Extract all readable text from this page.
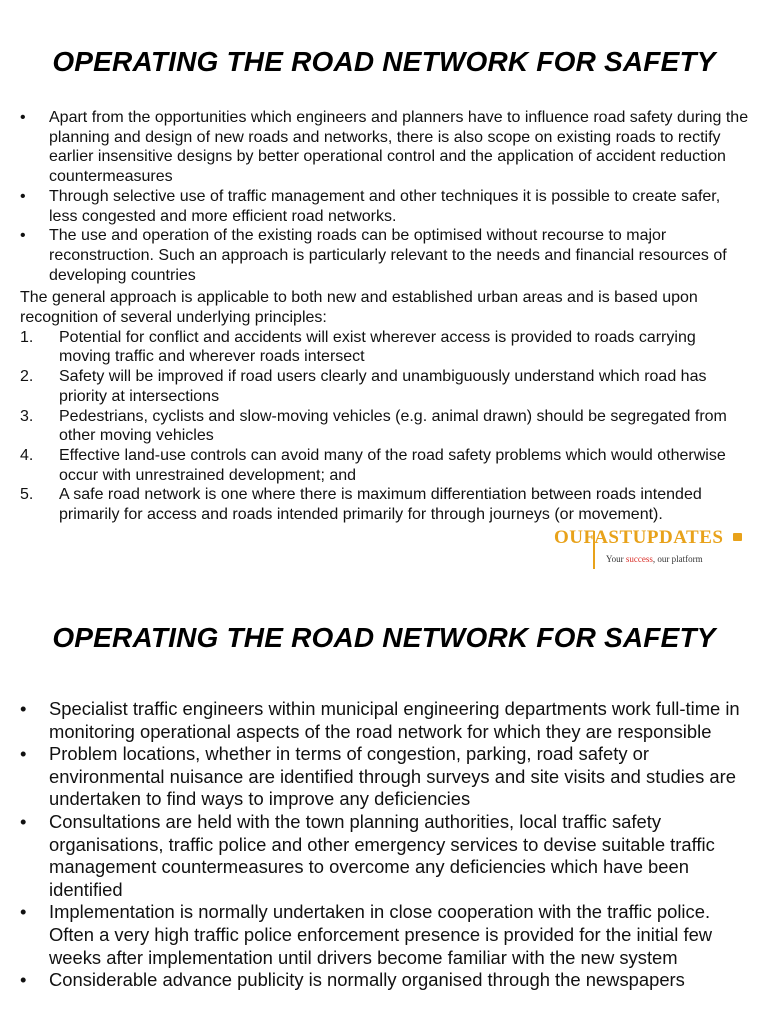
OPERATING THE ROAD NETWORK FOR SAFETY
• Apart from the opportunities which engineers and planners have to influence road safety during the planning and design of new roads and networks, there is also scope on existing roads to rectify earlier insensitive designs by better operational control and the application of accident reduction countermeasures
• Through selective use of traffic management and other techniques it is possible to create safer, less congested and more efficient road networks.
• The use and operation of the existing roads can be optimised without recourse to major reconstruction. Such an approach is particularly relevant to the needs and financial resources of developing countries

The general approach is applicable to both new and established urban areas and is based upon recognition of several underlying principles:

1. Potential for conflict and accidents will exist wherever access is provided to roads carrying moving traffic and wherever roads intersect
2. Safety will be improved if road users clearly and unambiguously understand which road has priority at intersections
3. Pedestrians, cyclists and slow-moving vehicles (e.g. animal drawn) should be segregated from other moving vehicles
4. Effective land-use controls can avoid many of the road safety problems which would otherwise occur with unrestrained development; and
5. A safe road network is one where there is maximum differentiation between roads intended primarily for access and roads intended primarily for through journeys (or movement).
OUFASTUPDATES
Your success, our platform
OPERATING THE ROAD NETWORK FOR SAFETY
• Specialist traffic engineers within municipal engineering departments work full-time in monitoring operational aspects of the road network for which they are responsible
• Problem locations, whether in terms of congestion, parking, road safety or environmental nuisance are identified through surveys and site visits and studies are undertaken to find ways to improve any deficiencies
• Consultations are held with the town planning authorities, local traffic safety organisations, traffic police and other emergency services to devise suitable traffic management countermeasures to overcome any deficiencies which have been identified
• Implementation is normally undertaken in close cooperation with the traffic police. Often a very high traffic police enforcement presence is provided for the initial few weeks after implementation until drivers become familiar with the new system
• Considerable advance publicity is normally organised through the newspapers
